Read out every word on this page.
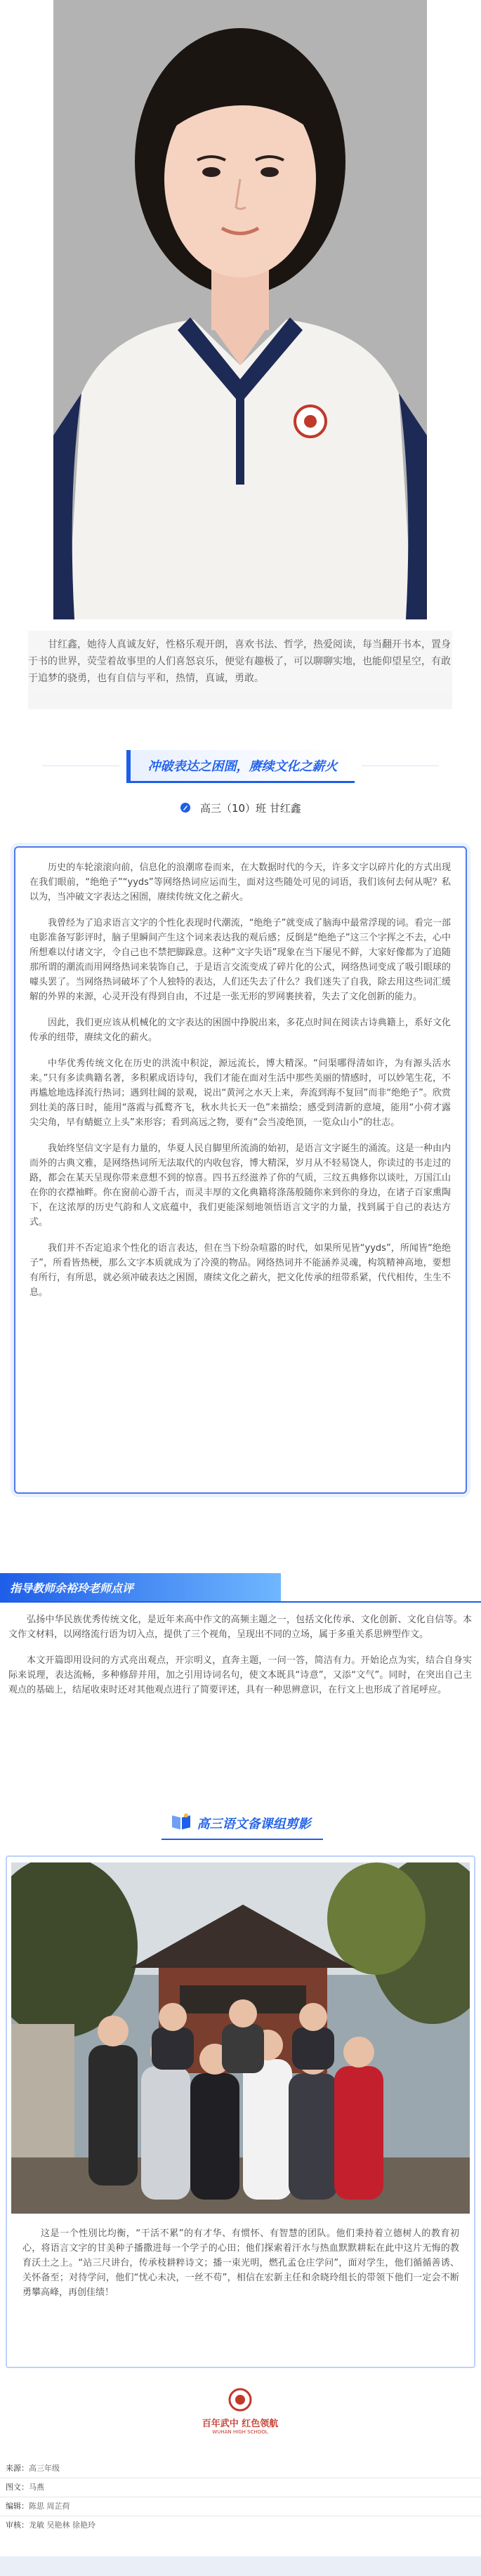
甘红鑫，她待人真诚友好，性格乐观开朗，喜欢书法、哲学，热爱阅读，每当翻开书本，置身于书的世界，荧莹着故事里的人们喜怒哀乐，便觉有趣极了，可以聊聊实地，也能仰望星空，有敢于追梦的骁勇，也有自信与平和，热情，真诚，勇敢。
冲破表达之困圄，赓续文化之薪火
高三（10）班 甘红鑫

历史的车轮滚滚向前，信息化的浪潮席卷而来，在大数据时代的今天，许多文字以碎片化的方式出现在我们眼前，“绝绝子”“yyds”等网络热词应运而生，面对这些随处可见的词语，我们该何去何从呢？私以为，当冲破文字表达之困圄，赓续传统文化之薪火。

我曾经为了追求语言文字的个性化表现时代潮流，“绝绝子”就变成了脑海中最常浮现的词。看完一部电影准备写影评时，脑子里瞬间产生这个词来表达我的观后感；反倒是“绝绝子”这三个字挥之不去，心中所想难以付诸文字，令自己也不禁把脚跺意。这种“文字失语”现象在当下屡见不鲜，大家好像都为了追随那所谓的潮流而用网络热词来装饰自己，于是语言交流变成了碎片化的公式，网络热词变成了吸引眼球的噱头罢了。当网络热词破坏了个人独特的表达，人们还失去了什么？我们迷失了自我，除去用这些词汇缓解的外界的来源，心灵开没有得到自由，不过是一张无形的罗网裹挟着，失去了文化创新的能力。

因此，我们更应该从机械化的文字表达的困圄中挣脱出来，多花点时间在阅读古诗典籍上，系好文化传承的纽带，赓续文化的薪火。

中华优秀传统文化在历史的洪流中积淀，源远流长，博大精深。“问渠哪得清如许，为有源头活水来。”只有多读典籍名著，多积累成语诗句，我们才能在面对生活中那些美丽的情感时，可以妙笔生花，不再尴尬地选择流行热词；遇到壮阔的景观，说出“黄河之水天上来，奔流到海不复回”而非“绝绝子”。欣赏到壮美的落日时，能用“落霞与孤鹜齐飞，秋水共长天一色”来描绘；感受到清新的意境，能用“小荷才露尖尖角，早有蜻蜓立上头”来形容；看到高远之物，要有“会当凌绝顶，一览众山小”的壮志。

我始终坚信文字是有力量的，华夏人民自脚里所流淌的始初，是语言文字诞生的涌流。这是一种由内而外的古典文雅，是网络热词所无法取代的内收包容，博大精深，岁月从不轻易饶人，你读过的书走过的路，都会在某天呈现你带来意想不到的惊喜。四书五经滋养了你的气质，三纹五典修你以谈吐，万国江山在你的衣襟袖畔。你在窗前心游千古，而灵丰厚的文化典籍将涤荡般随你来到你的身边，在诸子百家熏陶下，在这浓厚的历史气韵和人文底蕴中，我们更能深刻地领悟语言文字的力量，找到属于自己的表达方式。

我们并不否定追求个性化的语言表达，但在当下纷杂喧嚣的时代，如果所见皆“yyds”，所闻皆“绝绝子”，所看皆热梗，那么文字本质就成为了冷漠的物品。网络热词并不能涵养灵魂，构筑精神高地，要想有所行，有所思，就必须冲破表达之困圄，赓续文化之薪火，把文化传承的纽带系紧，代代相传，生生不息。

指导教师余裕玲老师点评

弘扬中华民族优秀传统文化，是近年来高中作文的高频主题之一，包括文化传承、文化创新、文化自信等。本文作文材料，以网络流行语为切入点，提供了三个视角，呈现出不同的立场，属于多重关系思辨型作文。

本文开篇即用设问的方式亮出观点，开宗明义，直奔主题，一问一答，简洁有力。开始论点为实，结合自身实际来说理，表达流畅，多种修辞并用，加之引用诗词名句，使文本既具“诗意”，又添“文气”。同时，在突出自己主观点的基础上，结尾收束时还对其他观点进行了简要评述，具有一种思辨意识，在行文上也形成了首尾呼应。

高三语文备课组剪影

这是一个性別比均衡，“干活不累”的有才华、有惯怀、有智慧的团队。他们秉持着立德树人的教育初心，将语言文字的甘美种子播撒进每一个学子的心田；他们探索着汗水与热血默默耕耘在此中这片无悔的教育沃土之上。“站三尺讲台，传承枝耕粹诗文；播一束光明，燃孔孟仓庄学问”，面对学生，他们循循善诱、关怀备至；对待学问，他们“忧心未决，一丝不苟”，相信在宏新主任和余晓玲组长的带领下他们一定会不断勇攀高峰，再创佳绩！

百年武中 红色领航
WUHAN HIGH SCHOOL
来源：高三年级
图文：马燕
编辑：陈思 周芷荷
审核：龙敏 吴艳林 徐艳玲
